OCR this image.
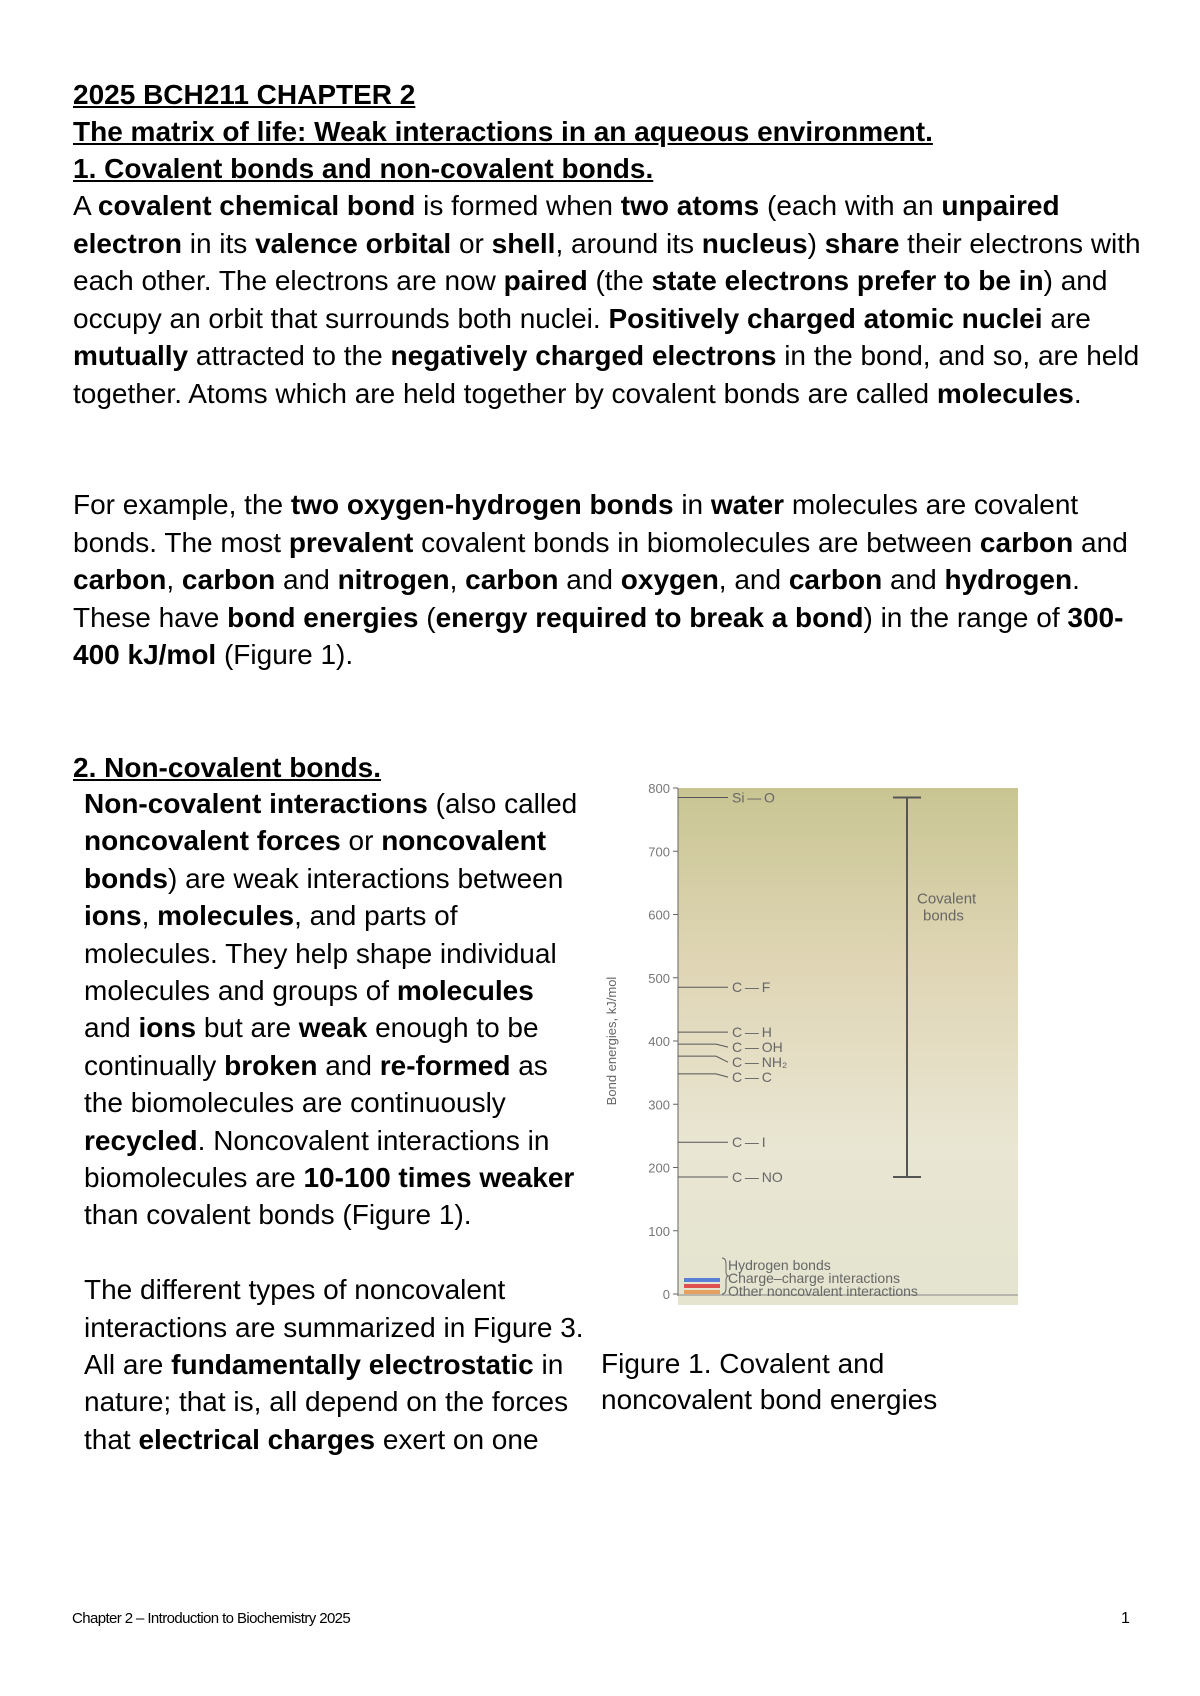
2025 BCH211 CHAPTER 2
The matrix of life: Weak interactions in an aqueous environment.
1. Covalent bonds and non-covalent bonds.
A covalent chemical bond is formed when two atoms (each with an unpaired electron in its valence orbital or shell, around its nucleus) share their electrons with each other. The electrons are now paired (the state electrons prefer to be in) and occupy an orbit that surrounds both nuclei. Positively charged atomic nuclei are mutually attracted to the negatively charged electrons in the bond, and so, are held together. Atoms which are held together by covalent bonds are called molecules.
For example, the two oxygen-hydrogen bonds in water molecules are covalent bonds. The most prevalent covalent bonds in biomolecules are between carbon and carbon, carbon and nitrogen, carbon and oxygen, and carbon and hydrogen. These have bond energies (energy required to break a bond) in the range of 300-400 kJ/mol (Figure 1).
2. Non-covalent bonds.

Non-covalent interactions (also called noncovalent forces or noncovalent bonds) are weak interactions between ions, molecules, and parts of molecules. They help shape individual molecules and groups of molecules and ions but are weak enough to be continually broken and re-formed as the biomolecules are continuously recycled. Noncovalent interactions in biomolecules are 10-100 times weaker than covalent bonds (Figure 1).

The different types of noncovalent interactions are summarized in Figure 3. All are fundamentally electrostatic in nature; that is, all depend on the forces that electrical charges exert on one

0
100
200
300
400
500
600
700
800
Bond energies, kJ/mol
Si — O
C — F
C — H
C — OH
C — NH₂
C — C
C — I
C — NO
Covalent
bonds
Hydrogen bonds
Charge–charge interactions
Other noncovalent interactions
Figure 1. Covalent and noncovalent bond energies
Chapter 2 – Introduction to Biochemistry 2025	1
